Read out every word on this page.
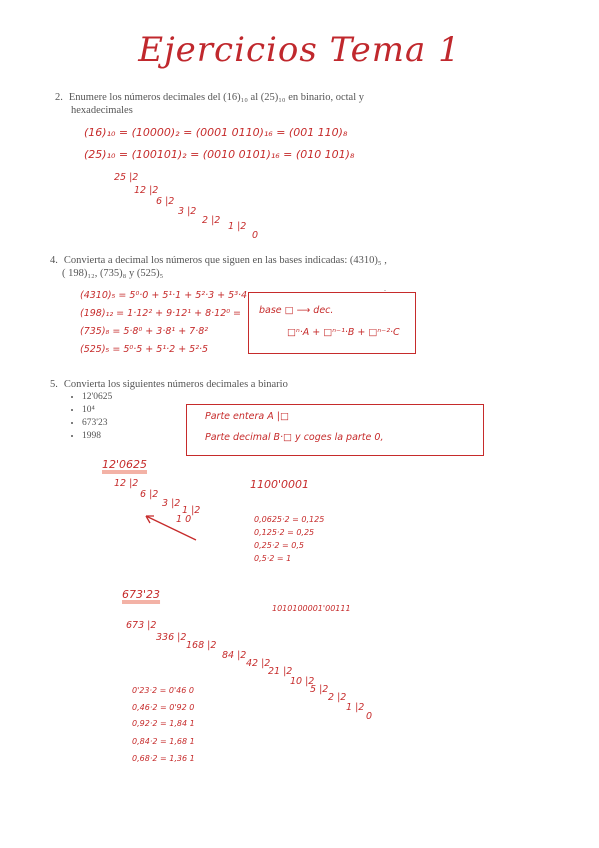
Ejercicios Tema 1
2. Enumere los números decimales del (16)₁₀ al (25)₁₀ en binario, octal y
hexadecimales
(16)₁₀ = (10000)₂ = (0001 0110)₁₆ = (001 110)₈
(25)₁₀ = (100101)₂ = (0010 0101)₁₆ = (010 101)₈
25 |2
12 |2
6 |2
3 |2
2 |2
1 |2
0
4. Convierta a decimal los números que siguen en las bases indicadas: (4310)₅ ,
( 198)₁₂, (735)₈ y (525)₅
(4310)₅ = 5⁰·0 + 5¹·1 + 5²·3 + 5³·4
(198)₁₂ = 1·12² + 9·12¹ + 8·12⁰ =
(735)₈ = 5·8⁰ + 3·8¹ + 7·8²
(525)₅ = 5⁰·5 + 5¹·2 + 5²·5
base □ ⟶ dec.
□ⁿ·A + □ⁿ⁻¹·B + □ⁿ⁻²·C
.
5. Convierta los siguientes números decimales a binario
• 12'0625
• 10⁴
• 673'23
• 1998
Parte entera A |□
Parte decimal B·□ y coges la parte 0,
12'0625
12 |2
6 |2
3 |2
1 |2
1 0
1100'0001
0,0625·2 = 0,125
0,125·2 = 0,25
0,25·2 = 0,5
0,5·2 = 1
673'23
1010100001'00111
673 |2
336 |2
168 |2
84 |2
42 |2
21 |2
10 |2
5 |2
2 |2
1 |2
0
0'23·2 = 0'46 0
0,46·2 = 0'92 0
0,92·2 = 1,84 1
0,84·2 = 1,68 1
0,68·2 = 1,36 1
